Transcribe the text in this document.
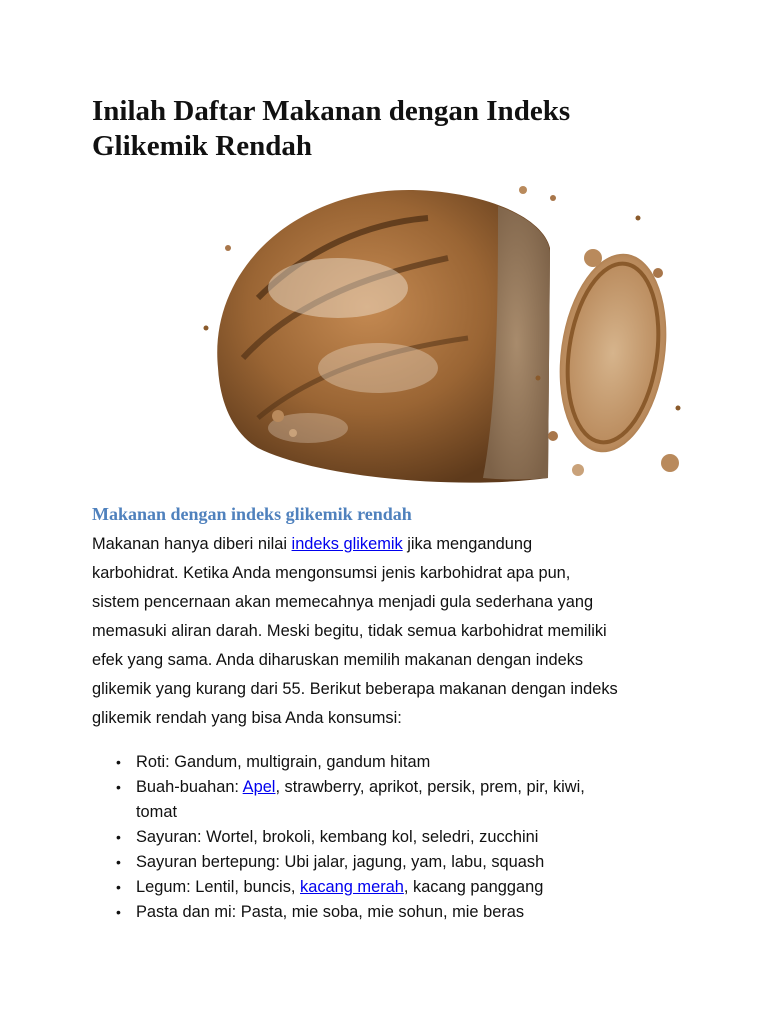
Inilah Daftar Makanan dengan Indeks Glikemik Rendah
Makanan dengan indeks glikemik rendah

Makanan hanya diberi nilai indeks glikemik jika mengandung

karbohidrat. Ketika Anda mengonsumsi jenis karbohidrat apa pun,

sistem pencernaan akan memecahnya menjadi gula sederhana yang

memasuki aliran darah. Meski begitu, tidak semua karbohidrat memiliki

efek yang sama. Anda diharuskan memilih makanan dengan indeks

glikemik yang kurang dari 55. Berikut beberapa makanan dengan indeks

glikemik rendah yang bisa Anda konsumsi:

• Roti: Gandum, multigrain, gandum hitam
• Buah-buahan: Apel, strawberry, aprikot, persik, prem, pir, kiwi,
tomat
• Sayuran: Wortel, brokoli, kembang kol, seledri, zucchini
• Sayuran bertepung: Ubi jalar, jagung, yam, labu, squash
• Legum: Lentil, buncis, kacang merah, kacang panggang
• Pasta dan mi: Pasta, mie soba, mie sohun, mie beras
